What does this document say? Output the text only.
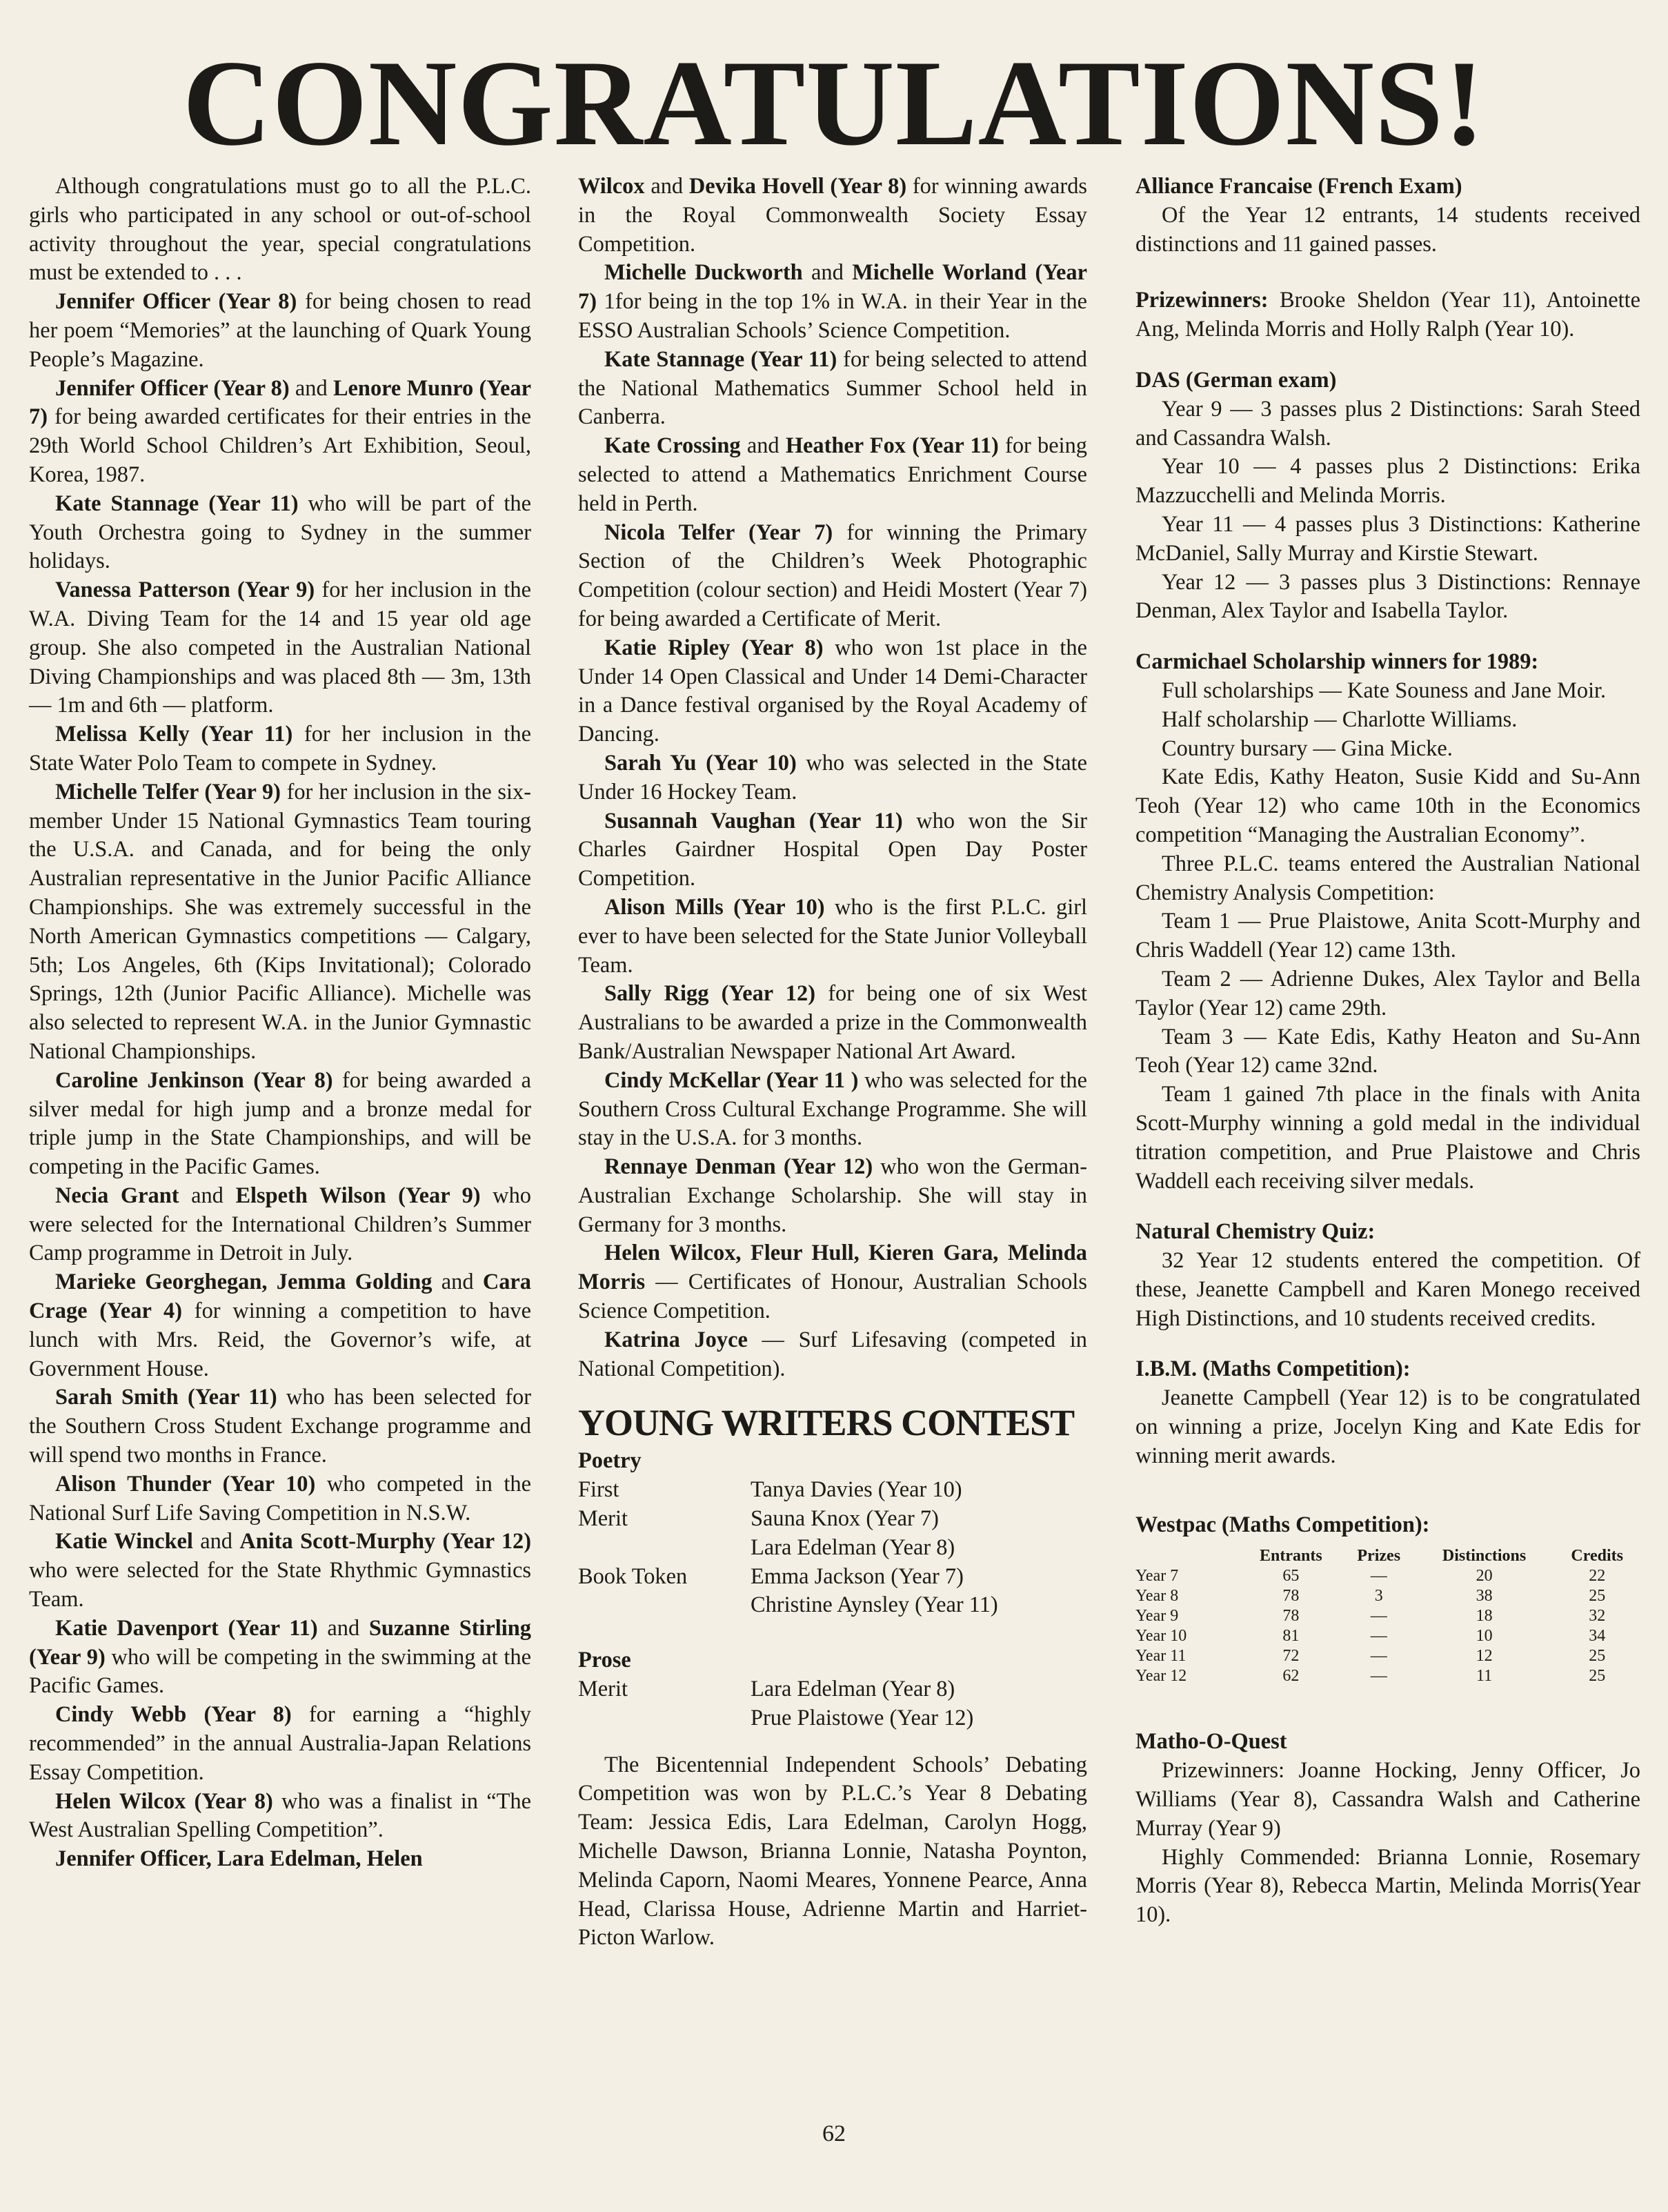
CONGRATULATIONS!

Although congratulations must go to all the P.L.C. girls who participated in any school or out-of-school activity throughout the year, special congratulations must be extended to . . .

Jennifer Officer (Year 8) for being chosen to read her poem “Memories” at the launching of Quark Young People’s Magazine.

Jennifer Officer (Year 8) and Lenore Munro (Year 7) for being awarded certificates for their entries in the 29th World School Children’s Art Exhibition, Seoul, Korea, 1987.

Kate Stannage (Year 11) who will be part of the Youth Orchestra going to Sydney in the summer holidays.

Vanessa Patterson (Year 9) for her inclusion in the W.A. Diving Team for the 14 and 15 year old age group. She also competed in the Australian National Diving Championships and was placed 8th — 3m, 13th — 1m and 6th — platform.

Melissa Kelly (Year 11) for her inclusion in the State Water Polo Team to compete in Sydney.

Michelle Telfer (Year 9) for her inclusion in the six-member Under 15 National Gymnastics Team touring the U.S.A. and Canada, and for being the only Australian representative in the Junior Pacific Alliance Championships. She was extremely successful in the North American Gymnastics competitions — Calgary, 5th; Los Angeles, 6th (Kips Invitational); Colorado Springs, 12th (Junior Pacific Alliance). Michelle was also selected to represent W.A. in the Junior Gymnastic National Championships.

Caroline Jenkinson (Year 8) for being awarded a silver medal for high jump and a bronze medal for triple jump in the State Championships, and will be competing in the Pacific Games.

Necia Grant and Elspeth Wilson (Year 9) who were selected for the International Children’s Summer Camp programme in Detroit in July.

Marieke Georghegan, Jemma Golding and Cara Crage (Year 4) for winning a competition to have lunch with Mrs. Reid, the Governor’s wife, at Government House.

Sarah Smith (Year 11) who has been selected for the Southern Cross Student Exchange programme and will spend two months in France.

Alison Thunder (Year 10) who competed in the National Surf Life Saving Competition in N.S.W.

Katie Winckel and Anita Scott-Murphy (Year 12) who were selected for the State Rhythmic Gymnastics Team.

Katie Davenport (Year 11) and Suzanne Stirling (Year 9) who will be competing in the swimming at the Pacific Games.

Cindy Webb (Year 8) for earning a “highly recommended” in the annual Australia-Japan Relations Essay Competition.

Helen Wilcox (Year 8) who was a finalist in “The West Australian Spelling Competition”.

Jennifer Officer, Lara Edelman, Helen

Wilcox and Devika Hovell (Year 8) for winning awards in the Royal Commonwealth Society Essay Competition.

Michelle Duckworth and Michelle Worland (Year 7) 1for being in the top 1% in W.A. in their Year in the ESSO Australian Schools’ Science Competition.

Kate Stannage (Year 11) for being selected to attend the National Mathematics Summer School held in Canberra.

Kate Crossing and Heather Fox (Year 11) for being selected to attend a Mathematics Enrichment Course held in Perth.

Nicola Telfer (Year 7) for winning the Primary Section of the Children’s Week Photographic Competition (colour section) and Heidi Mostert (Year 7) for being awarded a Certificate of Merit.

Katie Ripley (Year 8) who won 1st place in the Under 14 Open Classical and Under 14 Demi-Character in a Dance festival organised by the Royal Academy of Dancing.

Sarah Yu (Year 10) who was selected in the State Under 16 Hockey Team.

Susannah Vaughan (Year 11) who won the Sir Charles Gairdner Hospital Open Day Poster Competition.

Alison Mills (Year 10) who is the first P.L.C. girl ever to have been selected for the State Junior Volleyball Team.

Sally Rigg (Year 12) for being one of six West Australians to be awarded a prize in the Commonwealth Bank/Australian Newspaper National Art Award.

Cindy McKellar (Year 11 ) who was selected for the Southern Cross Cultural Exchange Programme. She will stay in the U.S.A. for 3 months.

Rennaye Denman (Year 12) who won the German-Australian Exchange Scholarship. She will stay in Germany for 3 months.

Helen Wilcox, Fleur Hull, Kieren Gara, Melinda Morris — Certificates of Honour, Australian Schools Science Competition.

Katrina Joyce — Surf Lifesaving (competed in National Competition).

YOUNG WRITERS CONTEST
Poetry
First	Tanya Davies (Year 10)
Merit	Sauna Knox (Year 7)
Lara Edelman (Year 8)
Book Token	Emma Jackson (Year 7)
Christine Aynsley (Year 11)
Prose
Merit	Lara Edelman (Year 8)
Prue Plaistowe (Year 12)

The Bicentennial Independent Schools’ Debating Competition was won by P.L.C.’s Year 8 Debating Team: Jessica Edis, Lara Edelman, Carolyn Hogg, Michelle Dawson, Brianna Lonnie, Natasha Poynton, Melinda Caporn, Naomi Meares, Yonnene Pearce, Anna Head, Clarissa House, Adrienne Martin and Harriet-Picton Warlow.

Alliance Francaise (French Exam)

Of the Year 12 entrants, 14 students received distinctions and 11 gained passes.

Prizewinners: Brooke Sheldon (Year 11), Antoinette Ang, Melinda Morris and Holly Ralph (Year 10).

DAS (German exam)

Year 9 — 3 passes plus 2 Distinctions: Sarah Steed and Cassandra Walsh.

Year 10 — 4 passes plus 2 Distinctions: Erika Mazzucchelli and Melinda Morris.

Year 11 — 4 passes plus 3 Distinctions: Katherine McDaniel, Sally Murray and Kirstie Stewart.

Year 12 — 3 passes plus 3 Distinctions: Rennaye Denman, Alex Taylor and Isabella Taylor.

Carmichael Scholarship winners for 1989:

Full scholarships — Kate Souness and Jane Moir.

Half scholarship — Charlotte Williams.

Country bursary — Gina Micke.

Kate Edis, Kathy Heaton, Susie Kidd and Su-Ann Teoh (Year 12) who came 10th in the Economics competition “Managing the Australian Economy”.

Three P.L.C. teams entered the Australian National Chemistry Analysis Competition:

Team 1 — Prue Plaistowe, Anita Scott-Murphy and Chris Waddell (Year 12) came 13th.

Team 2 — Adrienne Dukes, Alex Taylor and Bella Taylor (Year 12) came 29th.

Team 3 — Kate Edis, Kathy Heaton and Su-Ann Teoh (Year 12) came 32nd.

Team 1 gained 7th place in the finals with Anita Scott-Murphy winning a gold medal in the individual titration competition, and Prue Plaistowe and Chris Waddell each receiving silver medals.

Natural Chemistry Quiz:

32 Year 12 students entered the competition. Of these, Jeanette Campbell and Karen Monego received High Distinctions, and 10 students received credits.

I.B.M. (Maths Competition):

Jeanette Campbell (Year 12) is to be congratulated on winning a prize, Jocelyn King and Kate Edis for winning merit awards.

Westpac (Maths Competition):
	Entrants	Prizes	Distinctions	Credits
Year 7	65	—	20	22
Year 8	78	3	38	25
Year 9	78	—	18	32
Year 10	81	—	10	34
Year 11	72	—	12	25
Year 12	62	—	11	25
Matho-O-Quest

Prizewinners: Joanne Hocking, Jenny Officer, Jo Williams (Year 8), Cassandra Walsh and Catherine Murray (Year 9)

Highly Commended: Brianna Lonnie, Rosemary Morris (Year 8), Rebecca Martin, Melinda Morris(Year 10).

62
